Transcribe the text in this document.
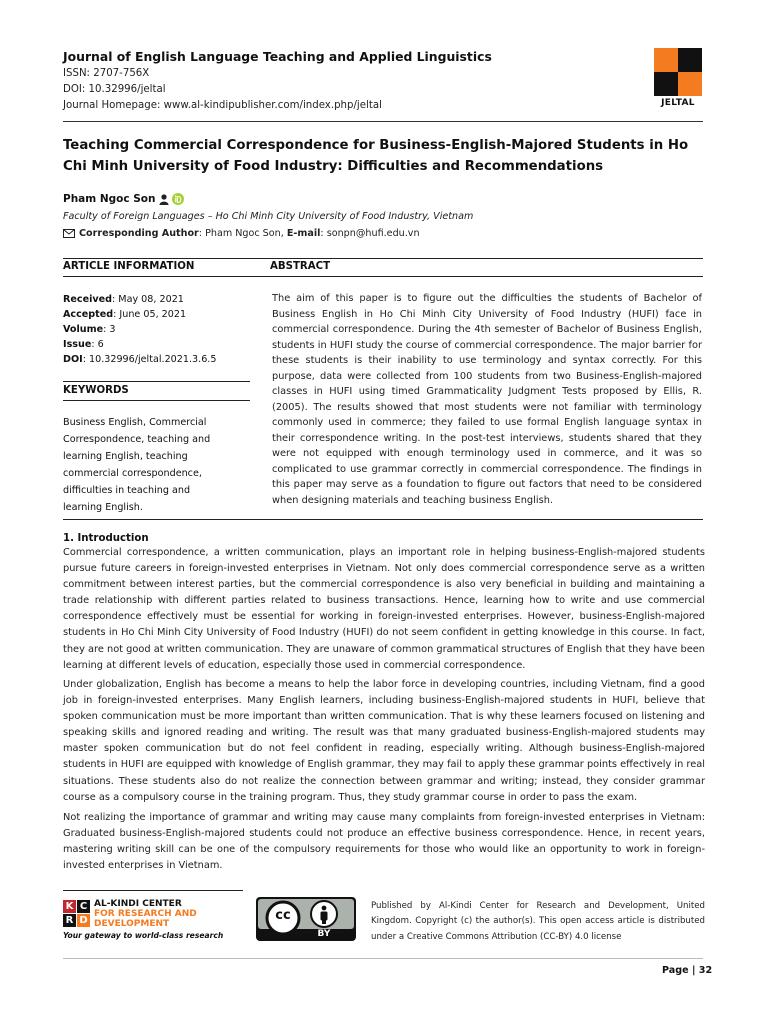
Journal of English Language Teaching and Applied Linguistics
ISSN: 2707-756X
DOI: 10.32996/jeltal
Journal Homepage: www.al-kindipublisher.com/index.php/jeltal	JELTAL
Teaching Commercial Correspondence for Business-English-Majored Students in Ho Chi Minh University of Food Industry: Difficulties and Recommendations
Pham Ngoc Son
Faculty of Foreign Languages – Ho Chi Minh City University of Food Industry, Vietnam
Corresponding Author: Pham Ngoc Son, E-mail: sonpn@hufi.edu.vn
ARTICLE INFORMATION	ABSTRACT
Received: May 08, 2021
Accepted: June 05, 2021
Volume: 3
Issue: 6
DOI: 10.32996/jeltal.2021.3.6.5
KEYWORDS
Business English, Commercial Correspondence, teaching and learning English, teaching commercial correspondence, difficulties in teaching and learning English.
The aim of this paper is to figure out the difficulties the students of Bachelor of Business English in Ho Chi Minh City University of Food Industry (HUFI) face in commercial correspondence. During the 4th semester of Bachelor of Business English, students in HUFI study the course of commercial correspondence. The major barrier for these students is their inability to use terminology and syntax correctly. For this purpose, data were collected from 100 students from two Business-English-majored classes in HUFI using timed Grammaticality Judgment Tests proposed by Ellis, R. (2005). The results showed that most students were not familiar with terminology commonly used in commerce; they failed to use formal English language syntax in their correspondence writing. In the post-test interviews, students shared that they were not equipped with enough terminology used in commerce, and it was so complicated to use grammar correctly in commercial correspondence. The findings in this paper may serve as a foundation to figure out factors that need to be considered when designing materials and teaching business English.
1. Introduction
Commercial correspondence, a written communication, plays an important role in helping business-English-majored students pursue future careers in foreign-invested enterprises in Vietnam. Not only does commercial correspondence serve as a written commitment between interest parties, but the commercial correspondence is also very beneficial in building and maintaining a trade relationship with different parties related to business transactions. Hence, learning how to write and use commercial correspondence effectively must be essential for working in foreign-invested enterprises. However, business-English-majored students in Ho Chi Minh City University of Food Industry (HUFI) do not seem confident in getting knowledge in this course. In fact, they are not good at written communication. They are unaware of common grammatical structures of English that they have been learning at different levels of education, especially those used in commercial correspondence.
Under globalization, English has become a means to help the labor force in developing countries, including Vietnam, find a good job in foreign-invested enterprises. Many English learners, including business-English-majored students in HUFI, believe that spoken communication must be more important than written communication. That is why these learners focused on listening and speaking skills and ignored reading and writing. The result was that many graduated business-English-majored students may master spoken communication but do not feel confident in reading, especially writing. Although business-English-majored students in HUFI are equipped with knowledge of English grammar, they may fail to apply these grammar points effectively in real situations. These students also do not realize the connection between grammar and writing; instead, they consider grammar course as a compulsory course in the training program. Thus, they study grammar course in order to pass the exam.
Not realizing the importance of grammar and writing may cause many complaints from foreign-invested enterprises in Vietnam: Graduated business-English-majored students could not produce an effective business correspondence. Hence, in recent years, mastering writing skill can be one of the compulsory requirements for those who would like an opportunity to work in foreign-invested enterprises in Vietnam.
K C
R D
AL-KINDI CENTER
FOR RESEARCH AND
DEVELOPMENT
Your gateway to world-class research
cc
BY
Published by Al-Kindi Center for Research and Development, United Kingdom. Copyright (c) the author(s). This open access article is distributed under a Creative Commons Attribution (CC-BY) 4.0 license
Page | 32
